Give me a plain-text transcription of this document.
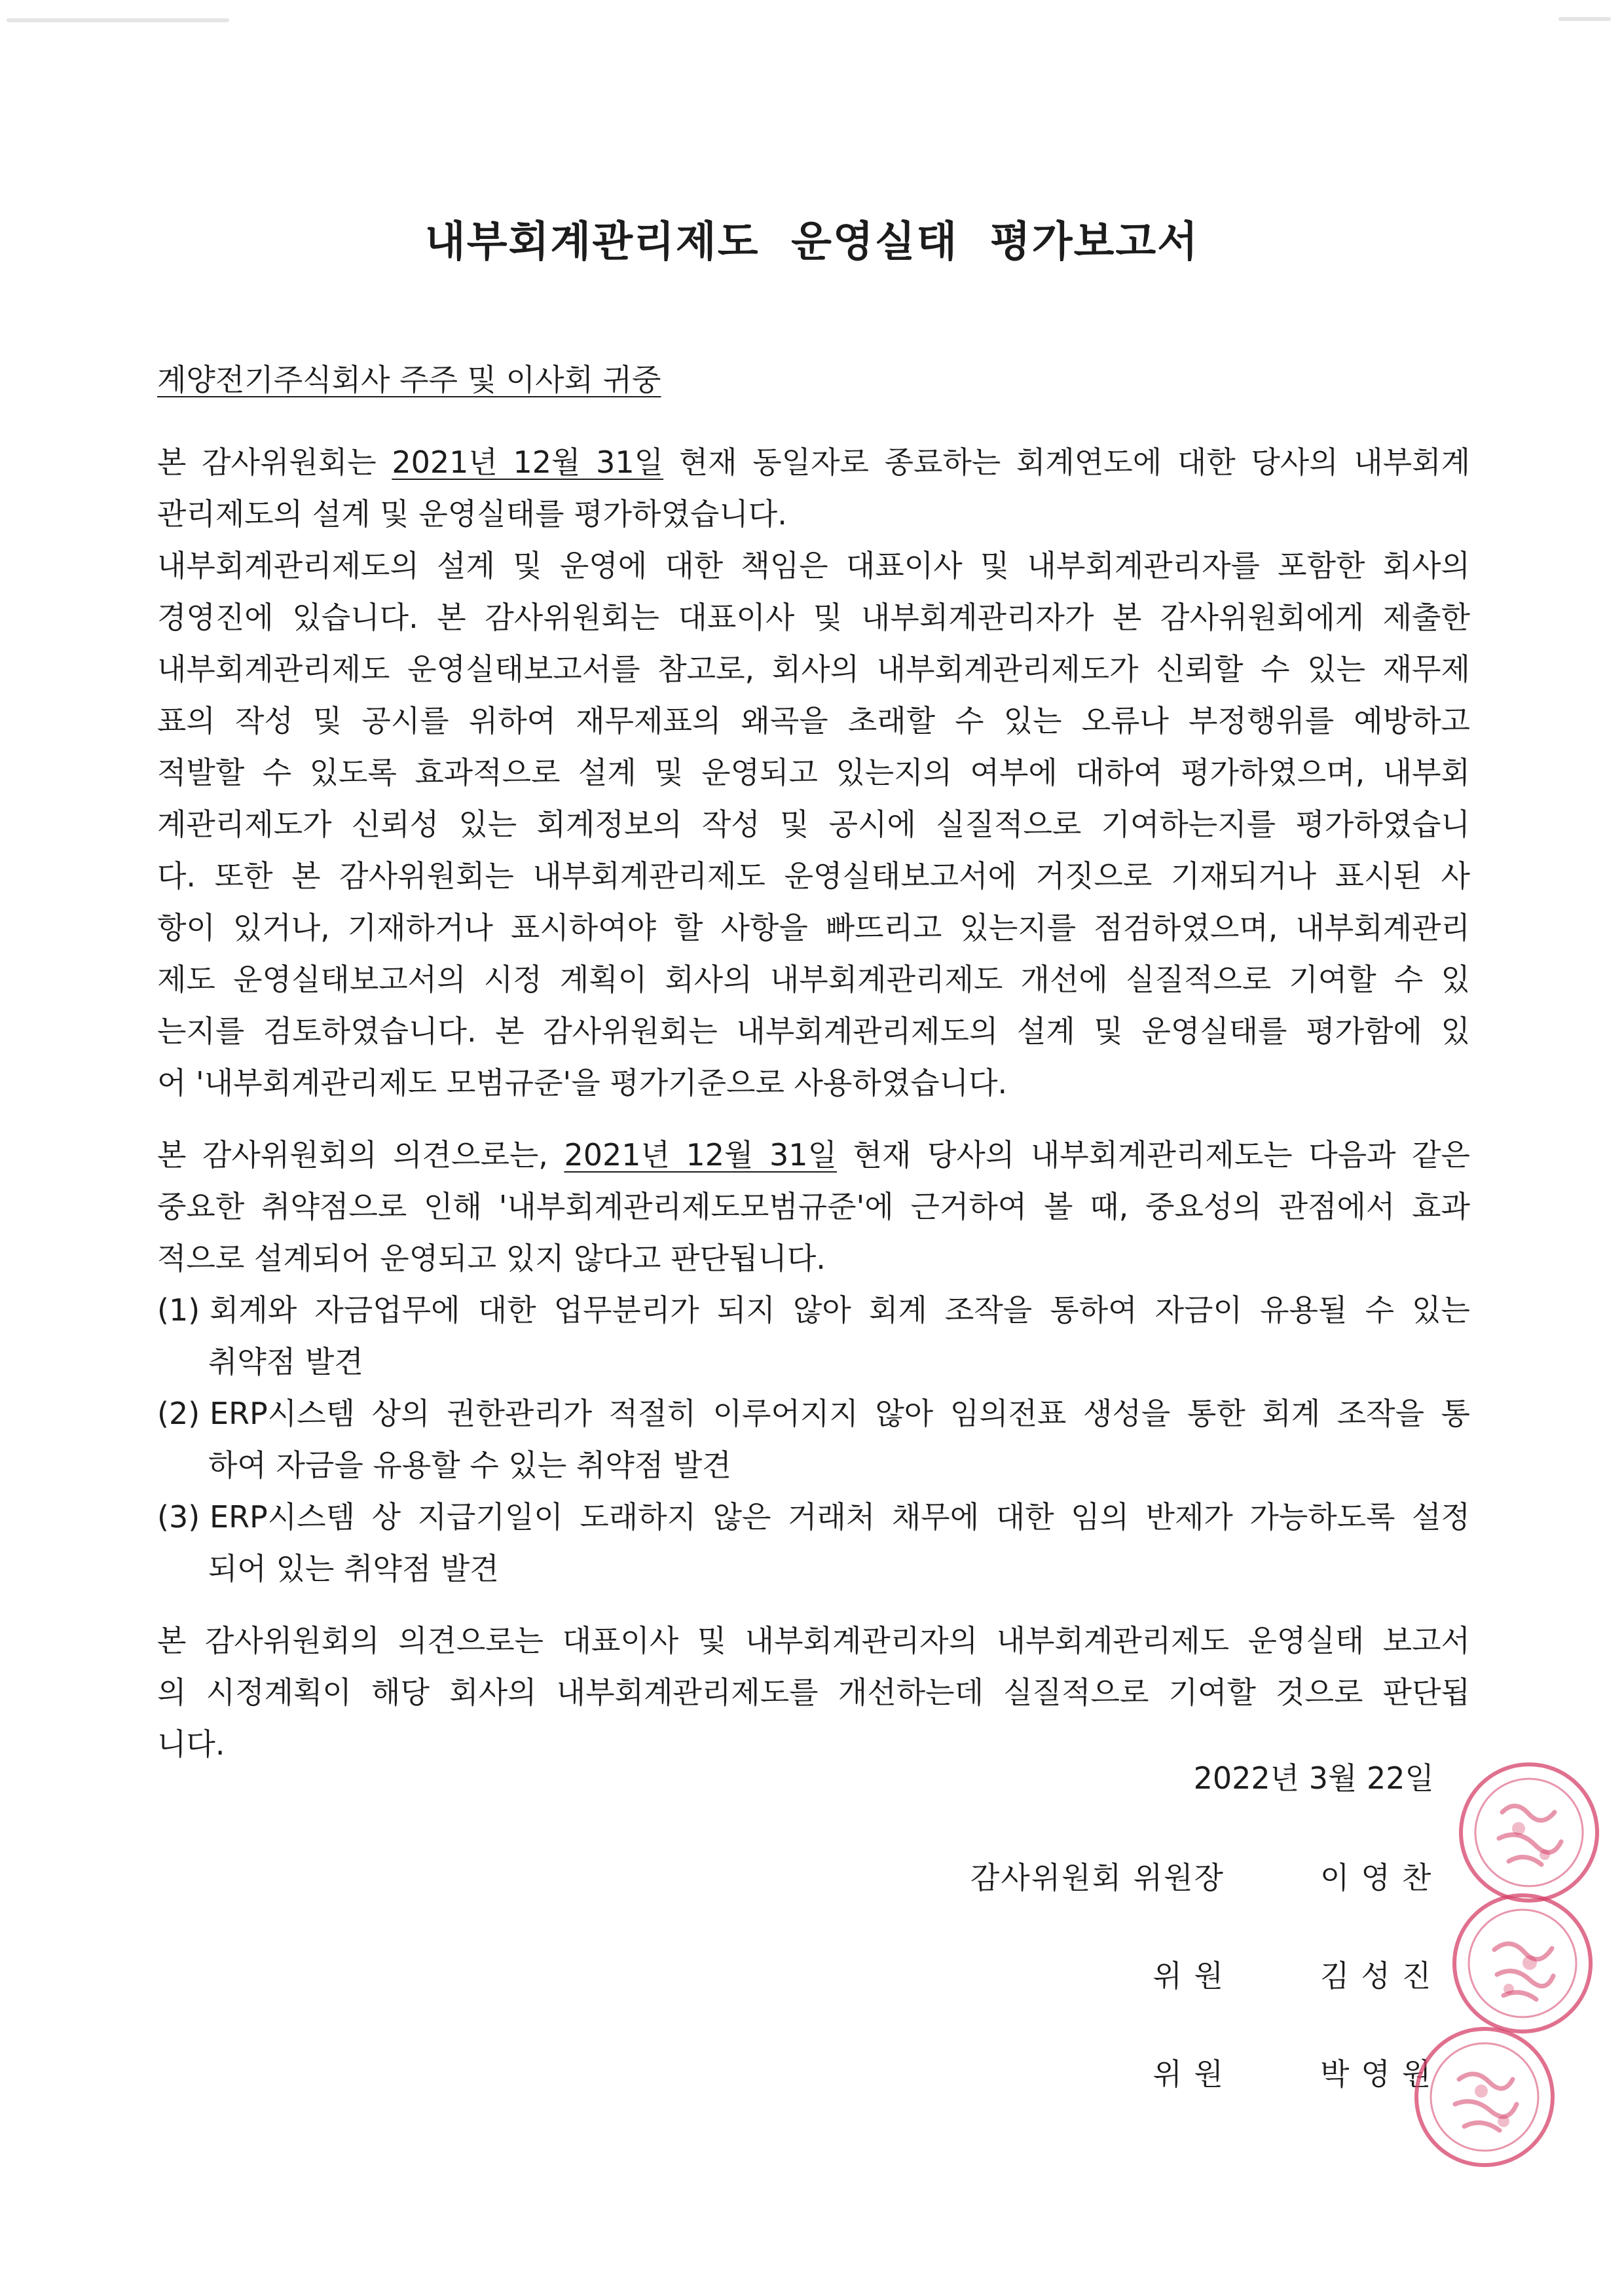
내부회계관리제도  운영실태  평가보고서
계양전기주식회사 주주 및 이사회 귀중
본 감사위원회는 2021년 12월 31일 현재 동일자로 종료하는 회계연도에 대한 당사의 내부회계
관리제도의 설계 및 운영실태를 평가하였습니다.
내부회계관리제도의 설계 및 운영에 대한 책임은 대표이사 및 내부회계관리자를 포함한 회사의
경영진에 있습니다. 본 감사위원회는 대표이사 및 내부회계관리자가 본 감사위원회에게 제출한
내부회계관리제도 운영실태보고서를 참고로, 회사의 내부회계관리제도가 신뢰할 수 있는 재무제
표의 작성 및 공시를 위하여 재무제표의 왜곡을 초래할 수 있는 오류나 부정행위를 예방하고
적발할 수 있도록 효과적으로 설계 및 운영되고 있는지의 여부에 대하여 평가하였으며, 내부회
계관리제도가 신뢰성 있는 회계정보의 작성 및 공시에 실질적으로 기여하는지를 평가하였습니
다. 또한 본 감사위원회는 내부회계관리제도 운영실태보고서에 거짓으로 기재되거나 표시된 사
항이 있거나, 기재하거나 표시하여야 할 사항을 빠뜨리고 있는지를 점검하였으며, 내부회계관리
제도 운영실태보고서의 시정 계획이 회사의 내부회계관리제도 개선에 실질적으로 기여할 수 있
는지를 검토하였습니다. 본 감사위원회는 내부회계관리제도의 설계 및 운영실태를 평가함에 있
어 '내부회계관리제도 모범규준'을 평가기준으로 사용하였습니다.
본 감사위원회의 의견으로는, 2021년 12월 31일 현재 당사의 내부회계관리제도는 다음과 같은
중요한 취약점으로 인해 '내부회계관리제도모범규준'에 근거하여 볼 때, 중요성의 관점에서 효과
적으로 설계되어 운영되고 있지 않다고 판단됩니다.
(1) 회계와 자금업무에 대한 업무분리가 되지 않아 회계 조작을 통하여 자금이 유용될 수 있는
취약점 발견
(2) ERP시스템 상의 권한관리가 적절히 이루어지지 않아 임의전표 생성을 통한 회계 조작을 통
하여 자금을 유용할 수 있는 취약점 발견
(3) ERP시스템 상 지급기일이 도래하지 않은 거래처 채무에 대한 임의 반제가 가능하도록 설정
되어 있는 취약점 발견
본 감사위원회의 의견으로는 대표이사 및 내부회계관리자의 내부회계관리제도 운영실태 보고서
의 시정계획이 해당 회사의 내부회계관리제도를 개선하는데 실질적으로 기여할 것으로 판단됩
니다.
2022년 3월 22일
감사위원회 위원장	이영찬
위 원	김성진
위 원	박영원
